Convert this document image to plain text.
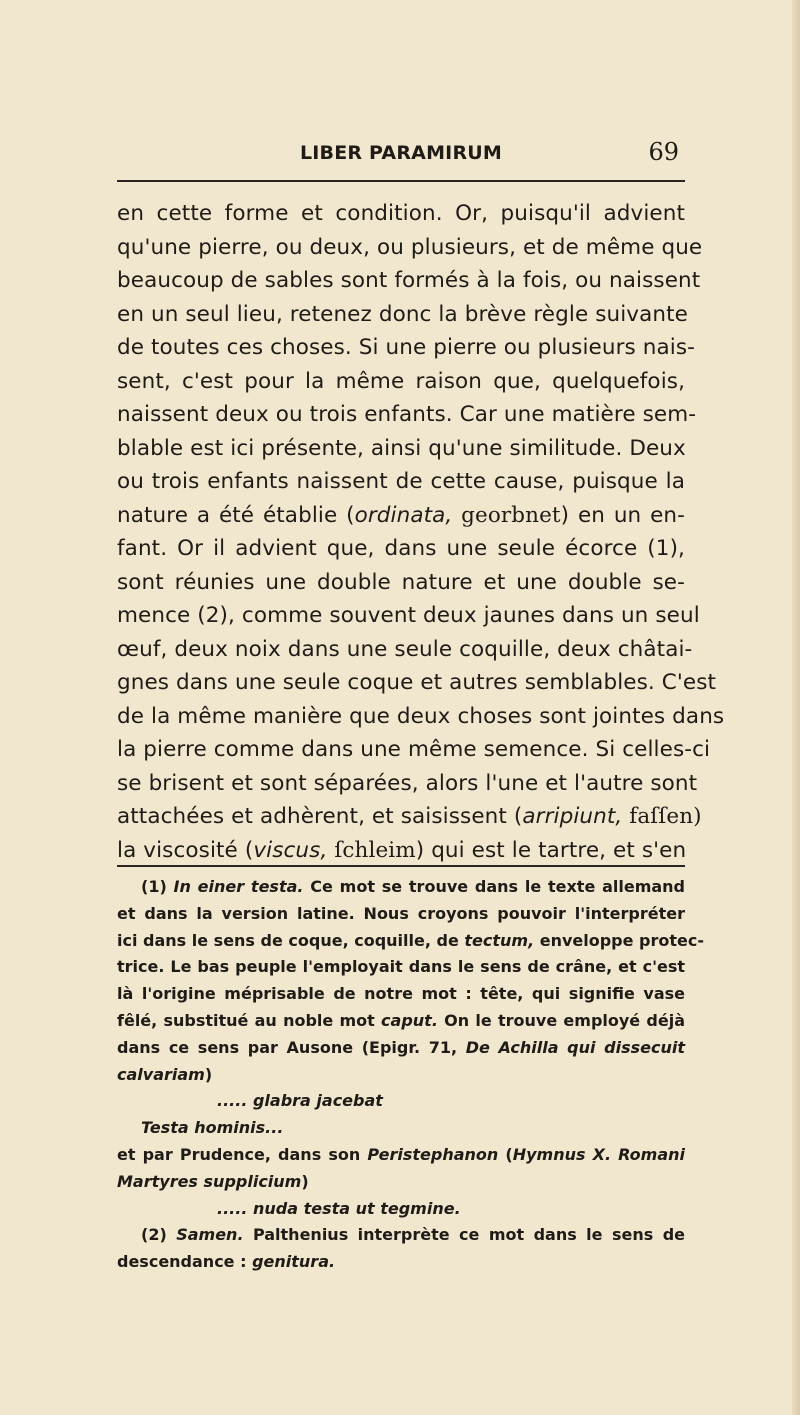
LIBER PARAMIRUM	69
en cette forme et condition. Or, puisqu'il advient
qu'une pierre, ou deux, ou plusieurs, et de même que
beaucoup de sables sont formés à la fois, ou naissent
en un seul lieu, retenez donc la brève règle suivante
de toutes ces choses. Si une pierre ou plusieurs nais-
sent, c'est pour la même raison que, quelquefois,
naissent deux ou trois enfants. Car une matière sem-
blable est ici présente, ainsi qu'une similitude. Deux
ou trois enfants naissent de cette cause, puisque la
nature a été établie (ordinata, georbnet) en un en-
fant. Or il advient que, dans une seule écorce (1),
sont réunies une double nature et une double se-
mence (2), comme souvent deux jaunes dans un seul
œuf, deux noix dans une seule coquille, deux châtai-
gnes dans une seule coque et autres semblables. C'est
de la même manière que deux choses sont jointes dans
la pierre comme dans une même semence. Si celles-ci
se brisent et sont séparées, alors l'une et l'autre sont
attachées et adhèrent, et saisissent (arripiunt, faſſen)
la viscosité (viscus, ſchleim) qui est le tartre, et s'en
(1) In einer testa. Ce mot se trouve dans le texte allemand
et dans la version latine. Nous croyons pouvoir l'interpréter
ici dans le sens de coque, coquille, de tectum, enveloppe protec-
trice. Le bas peuple l'employait dans le sens de crâne, et c'est
là l'origine méprisable de notre mot : tête, qui signifie vase
fêlé, substitué au noble mot caput. On le trouve employé déjà
dans ce sens par Ausone (Epigr. 71, De Achilla qui dissecuit
calvariam)
..... glabra jacebat
Testa hominis...
et par Prudence, dans son Peristephanon (Hymnus X. Romani
Martyres supplicium)
..... nuda testa ut tegmine.
(2) Samen. Palthenius interprète ce mot dans le sens de
descendance : genitura.
